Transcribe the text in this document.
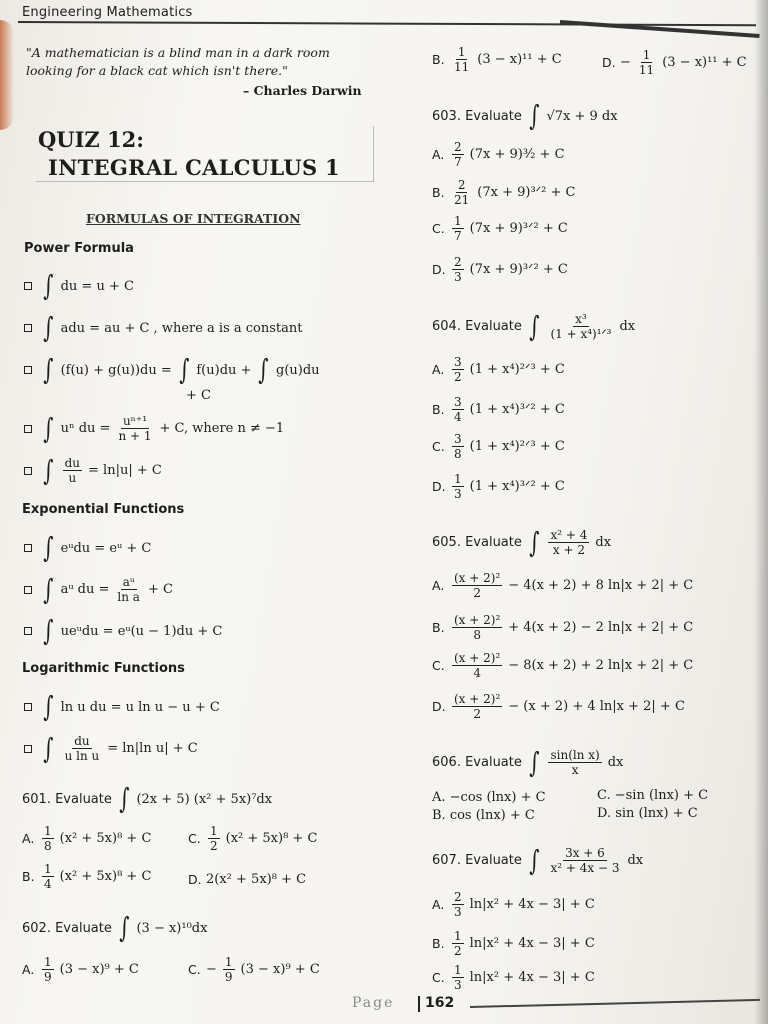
Engineering Mathematics
"A mathematician is a blind man in a dark room
looking for a black cat which isn't there."
– Charles Darwin
QUIZ 12:
INTEGRAL CALCULUS 1
FORMULAS OF INTEGRATION
Power Formula
∫ du = u + C
∫ adu = au + C , where a is a constant
∫ (f(u) + g(u))du = ∫ f(u)du + ∫ g(u)du
+ C
∫ uⁿ du = $\frac{\text{uⁿ⁺¹}}{n + 1} + C$, where n ≠ −1
∫ $\frac{du}{u} = \ln|u| + C$
Exponential Functions
∫ eᵘdu = eᵘ + C
∫ aᵘ du = $\frac{\text{aᵘ}}{\text{ln a}} + C$
∫ ueᵘdu = eᵘ(u − 1)du + C
Logarithmic Functions
∫ ln u du = u ln u − u + C
∫ $\frac{du}{\text{u ln u}} = \ln|\ln$ u| + C
601. Evaluate ∫ (2x + 5) (x² + 5x)⁷dx
A. $\frac{1}{8} (x^2 + 5x)^8 + C$	C. $\frac{1}{2} (x^2 + 5x)^8 + C$
B. $\frac{1}{4} (x^2 + 5x)^8 + C$	D. 2(x² + 5x)⁸ + C
602. Evaluate ∫ (3 − x)¹⁰dx
A. $\frac{1}{9} (3 - x)^9 + C$	C. − $\frac{1}{9} (3 - x)^9 + C$
B. $\frac{1}{11} (3 - x)^{11} + C$	D. − $\frac{1}{11} (3 - x)^{11} + C$
603. Evaluate ∫ √7x + 9 dx
A. $\frac{2}{7} (7x$ + 9)³⁄₂ + C
B. $\frac{2}{21} (7x$ + 9)³ᐟ² + C
C. $\frac{1}{7} (7x$ + 9)³ᐟ² + C
D. $\frac{2}{3} (7x$ + 9)³ᐟ² + C
604. Evaluate ∫ $\frac{\text{x³}}{\text{(1 + x⁴)¹ᐟ³}}$ dx
A. $\frac{3}{2} (1$ + x⁴)²ᐟ³ + C
B. $\frac{3}{4} (1$ + x⁴)³ᐟ² + C
C. $\frac{3}{8} (1$ + x⁴)²ᐟ³ + C
D. $\frac{1}{3} (1$ + x⁴)³ᐟ² + C
605. Evaluate ∫ $\frac{\text{x² + 4}}{x + 2}$ dx
A. $\frac{\text{(x + 2)²}}{2} - 4(x + 2) + 8$ ln|x + 2| + C
B. $\frac{\text{(x + 2)²}}{8} + 4(x + 2) - 2$ ln|x + 2| + C
C. $\frac{\text{(x + 2)²}}{4} - 8(x + 2) + 2$ ln|x + 2| + C
D. $\frac{\text{(x + 2)²}}{2} - (x + 2) + 4$ ln|x + 2| + C
606. Evaluate ∫ $\frac{\text{sin(ln x)}}{x}$ dx
A. −cos (lnx) + C	C. −sin (lnx) + C
B. cos (lnx) + C	D. sin (lnx) + C
607. Evaluate ∫ $\frac{3x + 6}{\text{x² + 4x − 3}}$ dx
A. $\frac{2}{3} \ln|x^2 + 4x - 3| + C$
B. $\frac{1}{2} \ln|x^2 + 4x - 3| + C$
C. $\frac{1}{3} \ln|x^2 + 4x - 3| + C$
Page 162
